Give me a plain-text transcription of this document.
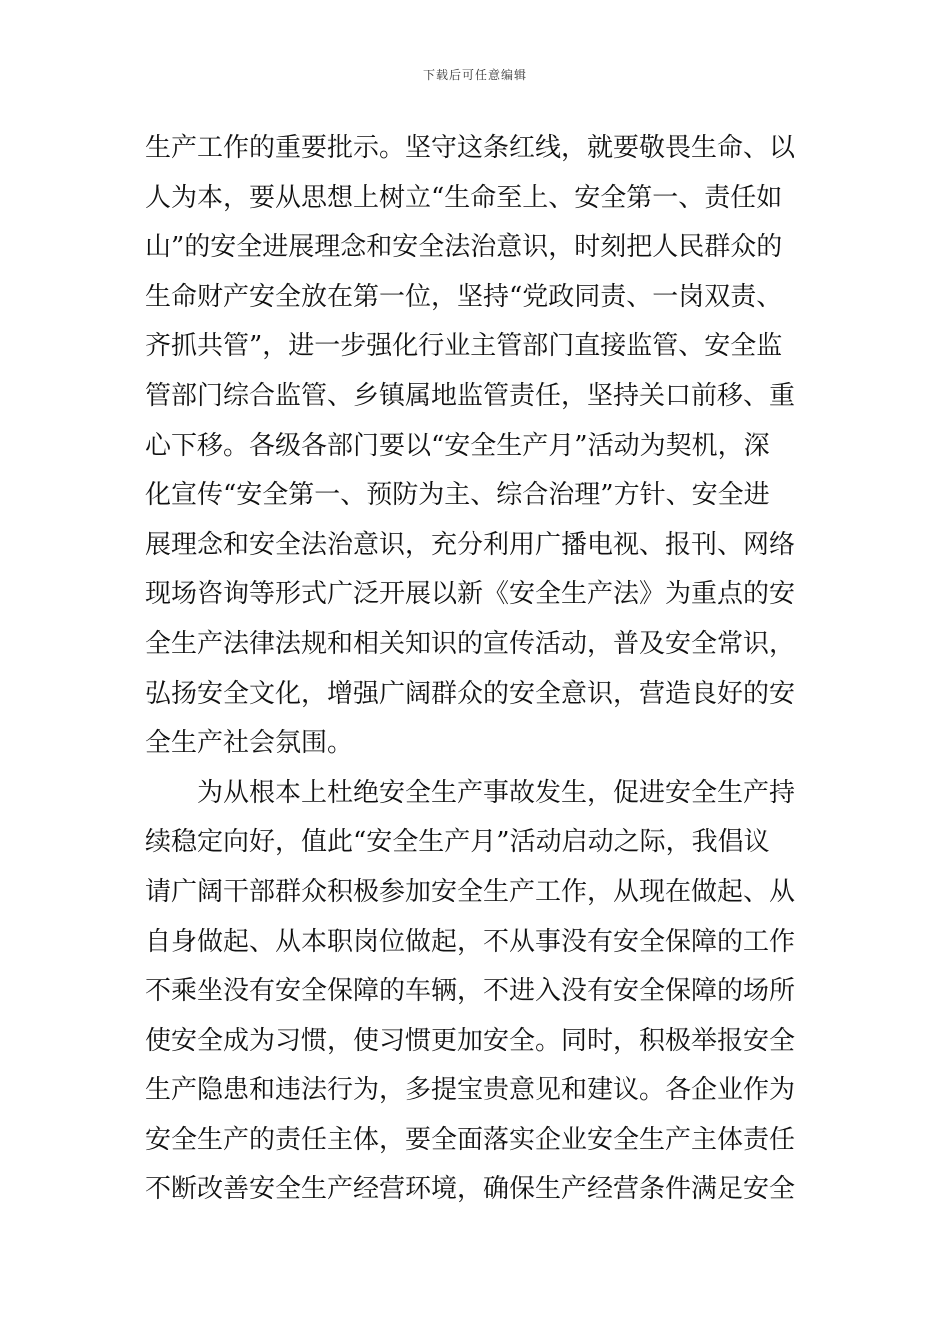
下载后可任意编辑
生产工作的重要批示。坚守这条红线，就要敬畏生命、以
人为本，要从思想上树立“生命至上、安全第一、责任如
山”的安全进展理念和安全法治意识，时刻把人民群众的
生命财产安全放在第一位，坚持“党政同责、一岗双责、
齐抓共管”，进一步强化行业主管部门直接监管、安全监
管部门综合监管、乡镇属地监管责任，坚持关口前移、重
心下移。各级各部门要以“安全生产月”活动为契机，深
化宣传“安全第一、预防为主、综合治理”方针、安全进
展理念和安全法治意识，充分利用广播电视、报刊、网络
现场咨询等形式广泛开展以新《安全生产法》为重点的安
全生产法律法规和相关知识的宣传活动，普及安全常识，
弘扬安全文化，增强广阔群众的安全意识，营造良好的安
全生产社会氛围。
为从根本上杜绝安全生产事故发生，促进安全生产持
续稳定向好，值此“安全生产月”活动启动之际，我倡议
请广阔干部群众积极参加安全生产工作，从现在做起、从
自身做起、从本职岗位做起，不从事没有安全保障的工作
不乘坐没有安全保障的车辆，不进入没有安全保障的场所
使安全成为习惯，使习惯更加安全。同时，积极举报安全
生产隐患和违法行为，多提宝贵意见和建议。各企业作为
安全生产的责任主体，要全面落实企业安全生产主体责任
不断改善安全生产经营环境，确保生产经营条件满足安全
